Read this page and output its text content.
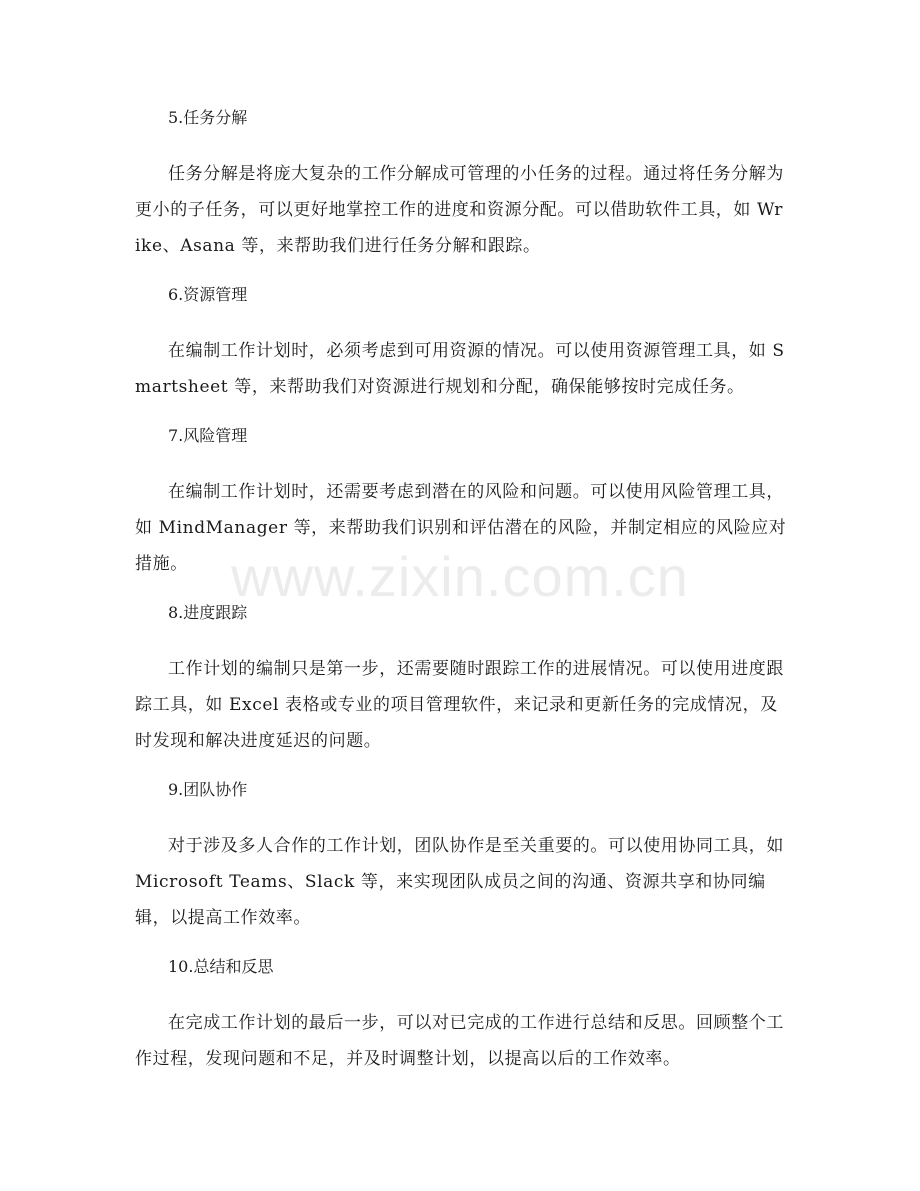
5.任务分解
任务分解是将庞大复杂的工作分解成可管理的小任务的过程。通过将任务分解为更小的子任务，可以更好地掌控工作的进度和资源分配。可以借助软件工具，如 Wrike、Asana 等，来帮助我们进行任务分解和跟踪。
6.资源管理
在编制工作计划时，必须考虑到可用资源的情况。可以使用资源管理工具，如 Smartsheet 等，来帮助我们对资源进行规划和分配，确保能够按时完成任务。
7.风险管理
在编制工作计划时，还需要考虑到潜在的风险和问题。可以使用风险管理工具，如 MindManager 等，来帮助我们识别和评估潜在的风险，并制定相应的风险应对措施。
8.进度跟踪
工作计划的编制只是第一步，还需要随时跟踪工作的进展情况。可以使用进度跟踪工具，如 Excel 表格或专业的项目管理软件，来记录和更新任务的完成情况，及时发现和解决进度延迟的问题。
9.团队协作
对于涉及多人合作的工作计划，团队协作是至关重要的。可以使用协同工具，如 Microsoft Teams、Slack 等，来实现团队成员之间的沟通、资源共享和协同编辑，以提高工作效率。
10.总结和反思
在完成工作计划的最后一步，可以对已完成的工作进行总结和反思。回顾整个工作过程，发现问题和不足，并及时调整计划，以提高以后的工作效率。
www.zixin.com.cn
